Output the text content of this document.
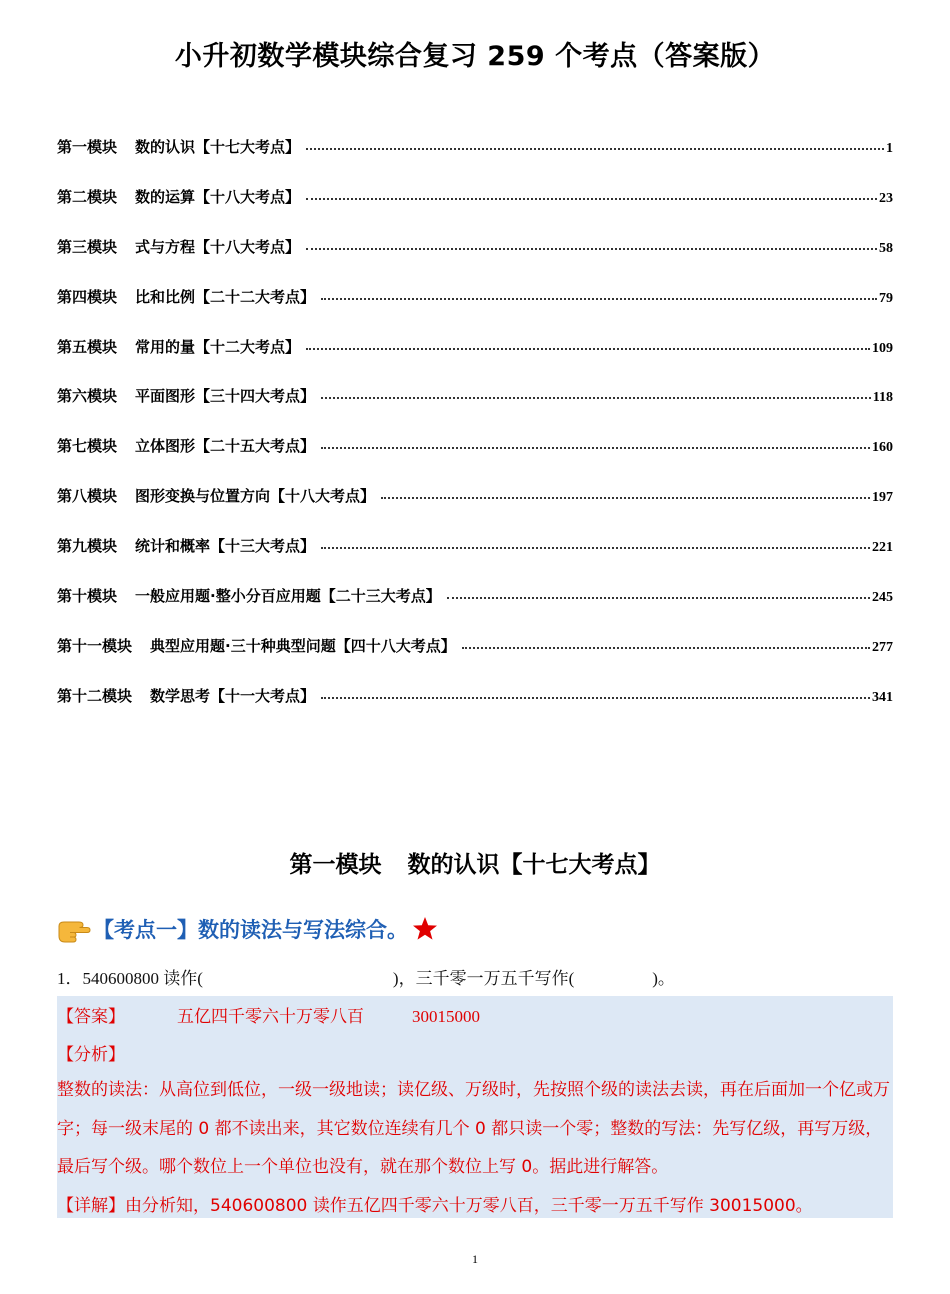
小升初数学模块综合复习 259 个考点（答案版）
第一模块 数的认识【十七大考点】	1
第二模块 数的运算【十八大考点】	23
第三模块 式与方程【十八大考点】	58
第四模块 比和比例【二十二大考点】	79
第五模块 常用的量【十二大考点】	109
第六模块 平面图形【三十四大考点】	118
第七模块 立体图形【二十五大考点】	160
第八模块 图形变换与位置方向【十八大考点】	197
第九模块 统计和概率【十三大考点】	221
第十模块 一般应用题·整小分百应用题【二十三大考点】	245
第十一模块 典型应用题·三十种典型问题【四十八大考点】	277
第十二模块 数学思考【十一大考点】	341
第一模块 数的认识【十七大考点】
【考点一】数的读法与写法综合。
1．540600800 读作(	)，三千零一万五千写作(	)。
【答案】	五亿四千零六十万零八百	30015000
【分析】
整数的读法：从高位到低位，一级一级地读；读亿级、万级时，先按照个级的读法去读，再在后面加一个亿或万字；每一级末尾的 0 都不读出来，其它数位连续有几个 0 都只读一个零；整数的写法：先写亿级，再写万级，最后写个级。哪个数位上一个单位也没有，就在那个数位上写 0。据此进行解答。
【详解】由分析知，540600800 读作五亿四千零六十万零八百，三千零一万五千写作 30015000。
1
